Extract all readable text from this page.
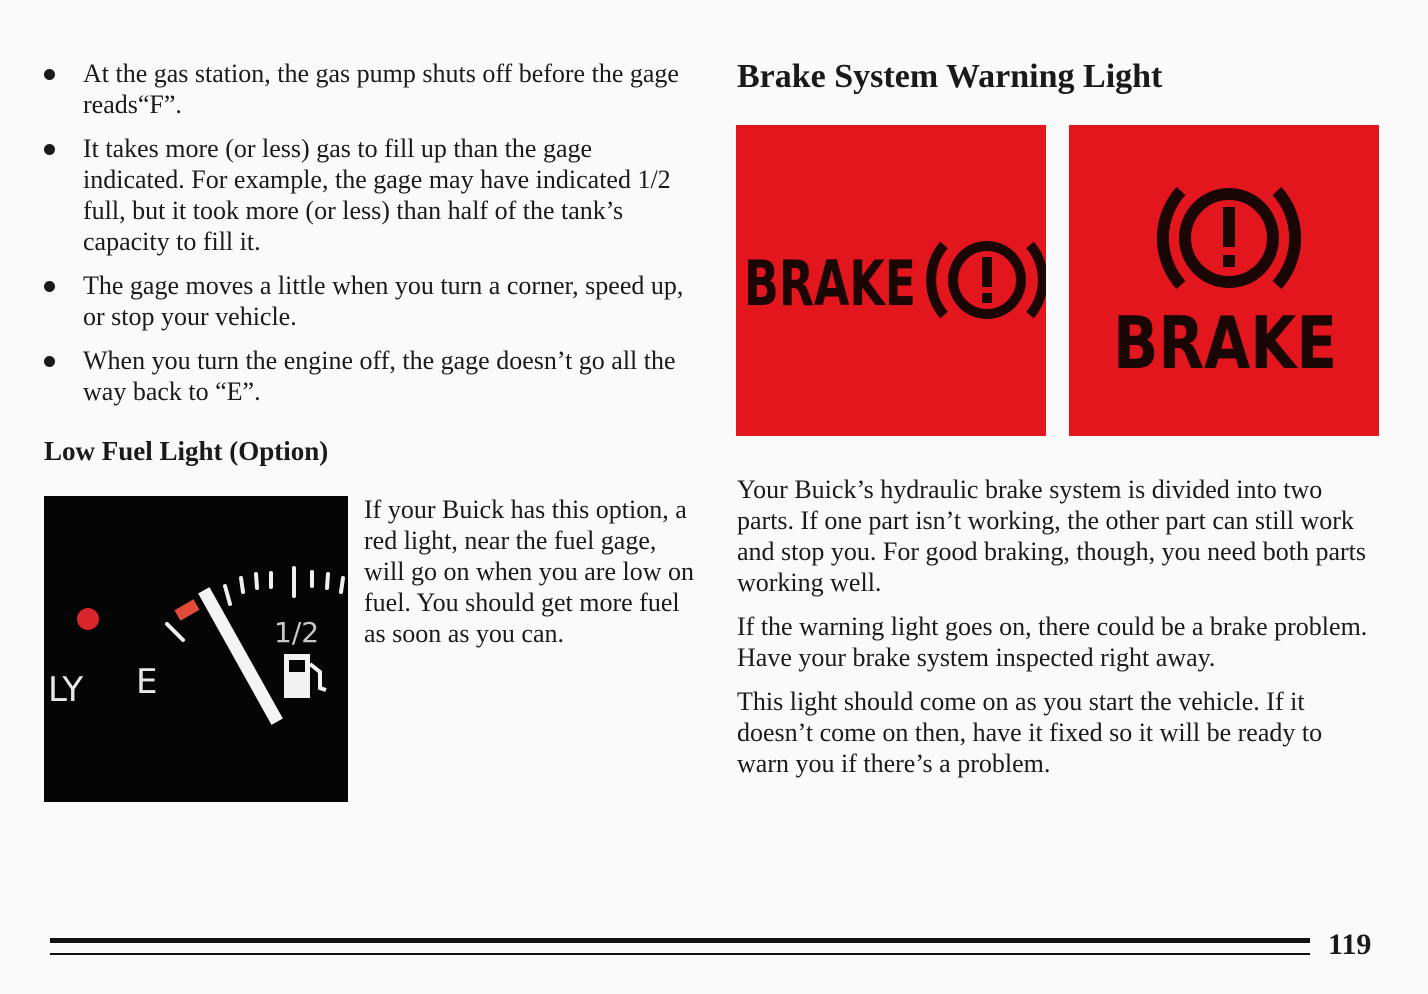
At the gas station, the gas pump shuts off before the gage reads“F”.
It takes more (or less) gas to fill up than the gage indicated. For example, the gage may have indicated 1/2 full, but it took more (or less) than half of the tank’s capacity to fill it.
The gage moves a little when you turn a corner, speed up, or stop your vehicle.
When you turn the engine off, the gage doesn’t go all the way back to “E”.
Low Fuel Light (Option)
LY E
1/2

If your Buick has this option, a red light, near the fuel gage, will go on when you are low on fuel. You should get more fuel as soon as you can.

Brake System Warning Light
BRAKE
BRAKE

Your Buick’s hydraulic brake system is divided into two parts. If one part isn’t working, the other part can still work and stop you. For good braking, though, you need both parts working well.

If the warning light goes on, there could be a brake problem. Have your brake system inspected right away.

This light should come on as you start the vehicle. If it doesn’t come on then, have it fixed so it will be ready to warn you if there’s a problem.

119
